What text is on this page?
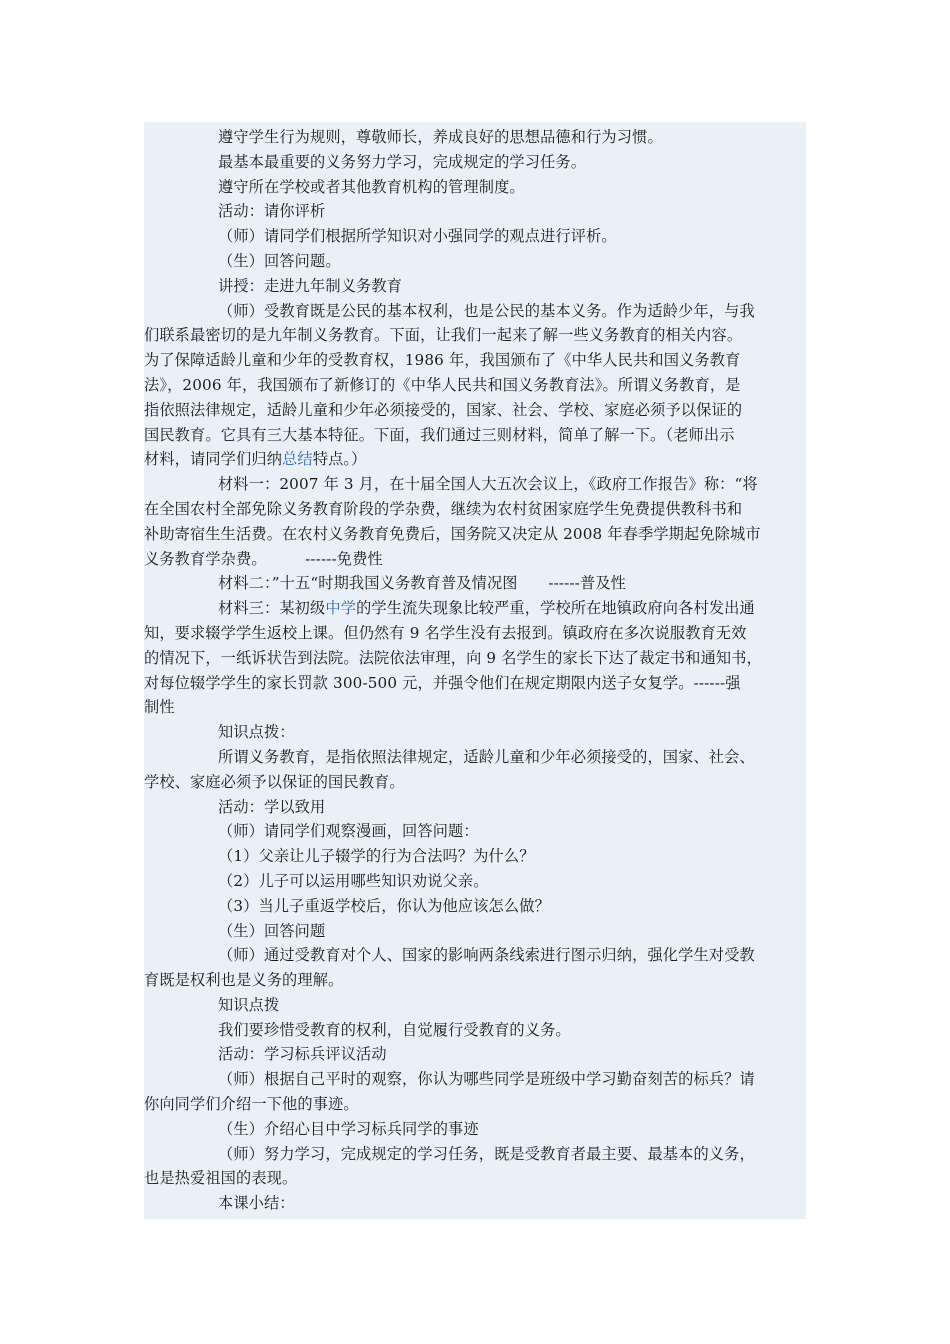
遵守学生行为规则，尊敬师长，养成良好的思想品德和行为习惯。
最基本最重要的义务努力学习，完成规定的学习任务。
遵守所在学校或者其他教育机构的管理制度。
活动：请你评析
（师）请同学们根据所学知识对小强同学的观点进行评析。
（生）回答问题。
讲授：走进九年制义务教育
（师）受教育既是公民的基本权利，也是公民的基本义务。作为适龄少年，与我
们联系最密切的是九年制义务教育。下面，让我们一起来了解一些义务教育的相关内容。
为了保障适龄儿童和少年的受教育权，1986 年，我国颁布了《中华人民共和国义务教育
法》，2006 年，我国颁布了新修订的《中华人民共和国义务教育法》。所谓义务教育，是
指依照法律规定，适龄儿童和少年必须接受的，国家、社会、学校、家庭必须予以保证的
国民教育。它具有三大基本特征。下面，我们通过三则材料，简单了解一下。（老师出示
材料，请同学们归纳总结特点。）
材料一：2007 年 3 月，在十届全国人大五次会议上，《政府工作报告》称：“将
在全国农村全部免除义务教育阶段的学杂费，继续为农村贫困家庭学生免费提供教科书和
补助寄宿生生活费。在农村义务教育免费后，国务院又决定从 2008 年春季学期起免除城市
义务教育学杂费。　　　------免费性
材料二：”十五“时期我国义务教育普及情况图　　------普及性
材料三：某初级中学的学生流失现象比较严重，学校所在地镇政府向各村发出通
知，要求辍学学生返校上课。但仍然有 9 名学生没有去报到。镇政府在多次说服教育无效
的情况下，一纸诉状告到法院。法院依法审理，向 9 名学生的家长下达了裁定书和通知书，
对每位辍学学生的家长罚款 300-500 元，并强令他们在规定期限内送子女复学。------强
制性
知识点拨：
所谓义务教育，是指依照法律规定，适龄儿童和少年必须接受的，国家、社会、
学校、家庭必须予以保证的国民教育。
活动：学以致用
（师）请同学们观察漫画，回答问题：
（1）父亲让儿子辍学的行为合法吗？为什么？
（2）儿子可以运用哪些知识劝说父亲。
（3）当儿子重返学校后，你认为他应该怎么做？
（生）回答问题
（师）通过受教育对个人、国家的影响两条线索进行图示归纳，强化学生对受教
育既是权利也是义务的理解。
知识点拨
我们要珍惜受教育的权利，自觉履行受教育的义务。
活动：学习标兵评议活动
（师）根据自己平时的观察，你认为哪些同学是班级中学习勤奋刻苦的标兵？请
你向同学们介绍一下他的事迹。
（生）介绍心目中学习标兵同学的事迹
（师）努力学习，完成规定的学习任务，既是受教育者最主要、最基本的义务，
也是热爱祖国的表现。
本课小结：
